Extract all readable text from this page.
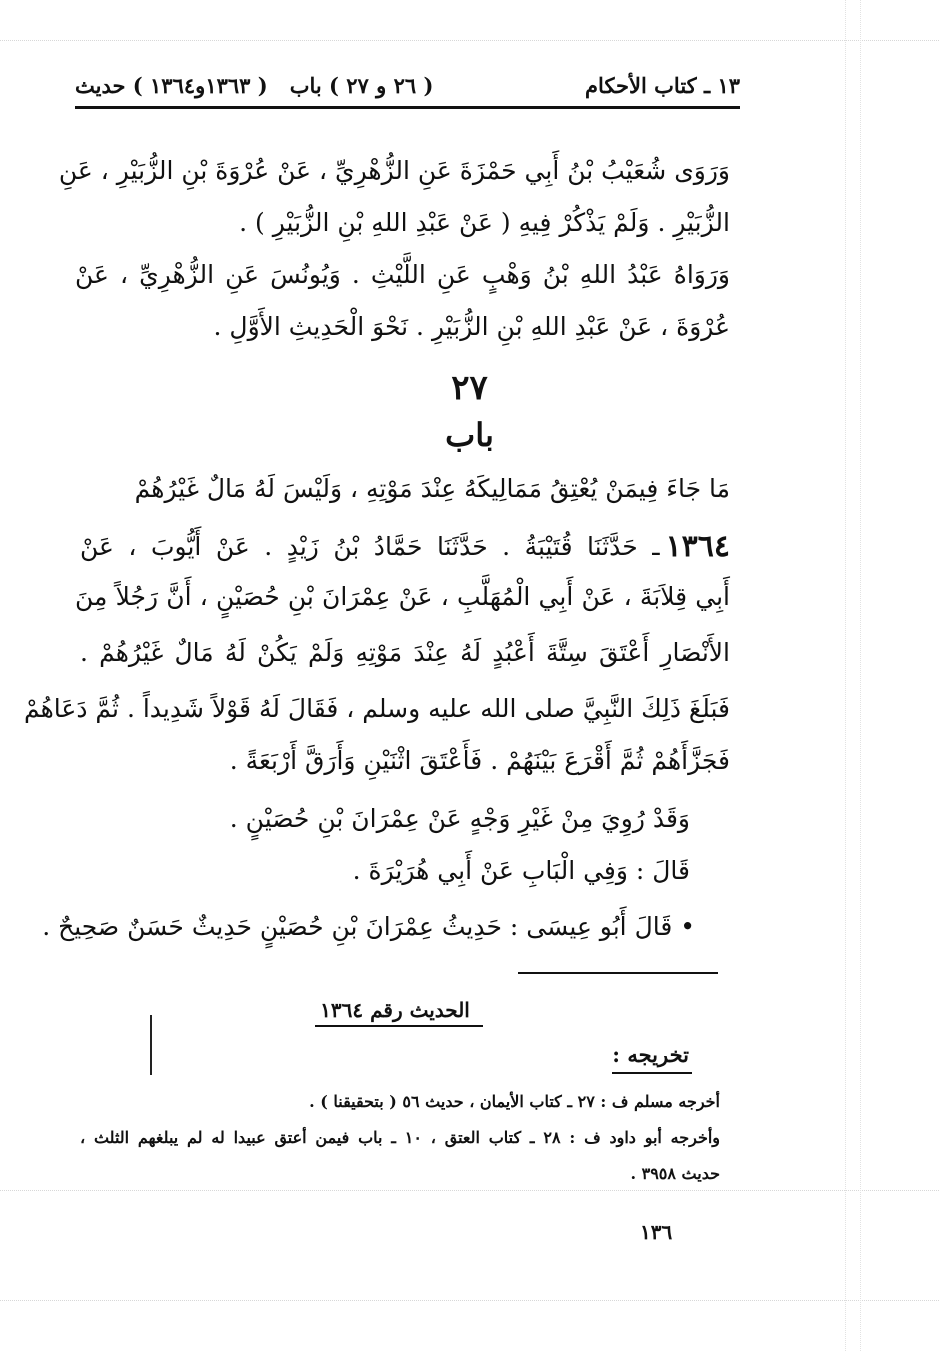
١٣ ـ كتاب الأحكام
( ٢٦ و ٢٧ ) باب
( ١٣٦٣و١٣٦٤ ) حديث
وَرَوَى شُعَيْبُ بْنُ أَبِي حَمْزَةَ عَنِ الزُّهْرِيِّ ، عَنْ عُرْوَةَ بْنِ الزُّبَيْرِ ، عَنِ
الزُّبَيْرِ . وَلَمْ يَذْكُرْ فِيهِ ( عَنْ عَبْدِ اللهِ بْنِ الزُّبَيْرِ ) .
وَرَوَاهُ عَبْدُ اللهِ بْنُ وَهْبٍ عَنِ اللَّيْثِ . وَيُونُسَ عَنِ الزُّهْرِيِّ ، عَنْ
عُرْوَةَ ، عَنْ عَبْدِ اللهِ بْنِ الزُّبَيْرِ . نَحْوَ الْحَدِيثِ الأَوَّلِ .
٢٧
باب
مَا جَاءَ فِيمَنْ يُعْتِقُ مَمَالِيكَهُ عِنْدَ مَوْتِهِ ، وَلَيْسَ لَهُ مَالٌ غَيْرُهُمْ
١٣٦٤
ـ حَدَّثَنَا قُتَيْبَةُ . حَدَّثَنَا حَمَّادُ بْنُ زَيْدٍ . عَنْ أَيُّوبَ ، عَنْ
أَبِي قِلاَبَةَ ، عَنْ أَبِي الْمُهَلَّبِ ، عَنْ عِمْرَانَ بْنِ حُصَيْنٍ ، أَنَّ رَجُلاً مِنَ
الأَنْصَارِ أَعْتَقَ سِتَّةَ أَعْبُدٍ لَهُ عِنْدَ مَوْتِهِ وَلَمْ يَكُنْ لَهُ مَالٌ غَيْرُهُمْ .
فَبَلَغَ ذَلِكَ النَّبِيَّ صلى الله عليه وسلم ، فَقَالَ لَهُ قَوْلاً شَدِيداً . ثُمَّ دَعَاهُمْ
فَجَزَّأَهُمْ ثُمَّ أَقْرَعَ بَيْنَهُمْ . فَأَعْتَقَ اثْنَيْنِ وَأَرَقَّ أَرْبَعَةً .
وَقَدْ رُوِيَ مِنْ غَيْرِ وَجْهٍ عَنْ عِمْرَانَ بْنِ حُصَيْنٍ .
قَالَ : وَفِي الْبَابِ عَنْ أَبِي هُرَيْرَةَ .
• قَالَ أَبُو عِيسَى : حَدِيثُ عِمْرَانَ بْنِ حُصَيْنٍ حَدِيثٌ حَسَنٌ صَحِيحٌ .
الحديث رقم ١٣٦٤
تخريجه :
أخرجه مسلم ف : ٢٧ ـ كتاب الأيمان ، حديث ٥٦ ( بتحقيقنا ) .
وأخرجه أبو داود ف : ٢٨ ـ كتاب العتق ، ١٠ ـ باب فيمن أعتق عبيدا له لم يبلغهم الثلث ،
حديث ٣٩٥٨ .
١٣٦
